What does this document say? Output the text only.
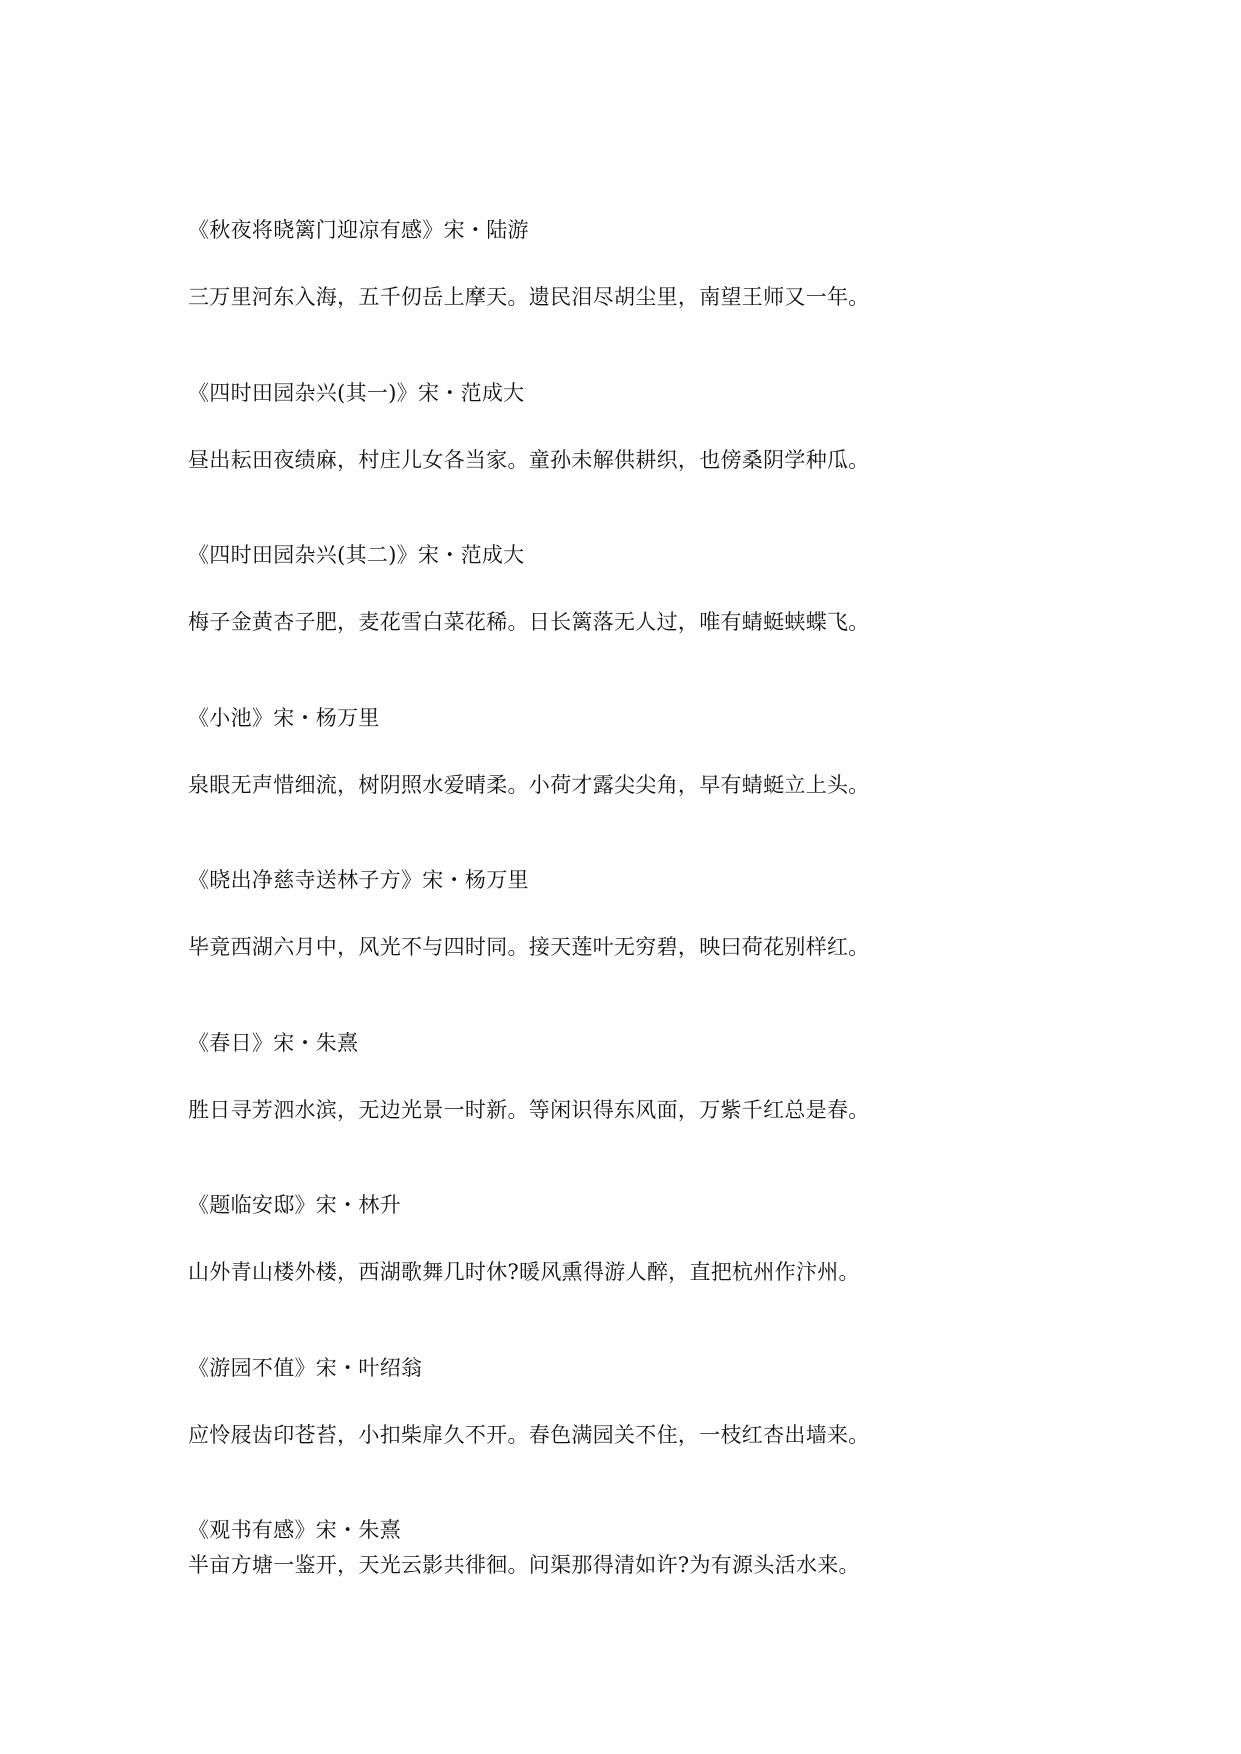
《秋夜将晓篱门迎凉有感》宋・陆游
三万里河东入海，五千仞岳上摩天。遗民泪尽胡尘里，南望王师又一年。
《四时田园杂兴(其一)》宋・范成大
昼出耘田夜绩麻，村庄儿女各当家。童孙未解供耕织，也傍桑阴学种瓜。
《四时田园杂兴(其二)》宋・范成大
梅子金黄杏子肥，麦花雪白菜花稀。日长篱落无人过，唯有蜻蜓蛱蝶飞。
《小池》宋・杨万里
泉眼无声惜细流，树阴照水爱晴柔。小荷才露尖尖角，早有蜻蜓立上头。
《晓出净慈寺送林子方》宋・杨万里
毕竟西湖六月中，风光不与四时同。接天莲叶无穷碧，映曰荷花别样红。
《春日》宋・朱熹
胜日寻芳泗水滨，无边光景一时新。等闲识得东风面，万紫千红总是春。
《题临安邸》宋・林升
山外青山楼外楼，西湖歌舞几时休?暖风熏得游人醉，直把杭州作汴州。
《游园不值》宋・叶绍翁
应怜屐齿印苍苔，小扣柴扉久不开。春色满园关不住，一枝红杏出墙来。
《观书有感》宋・朱熹
半亩方塘一鉴开，天光云影共徘徊。问渠那得清如许?为有源头活水来。
